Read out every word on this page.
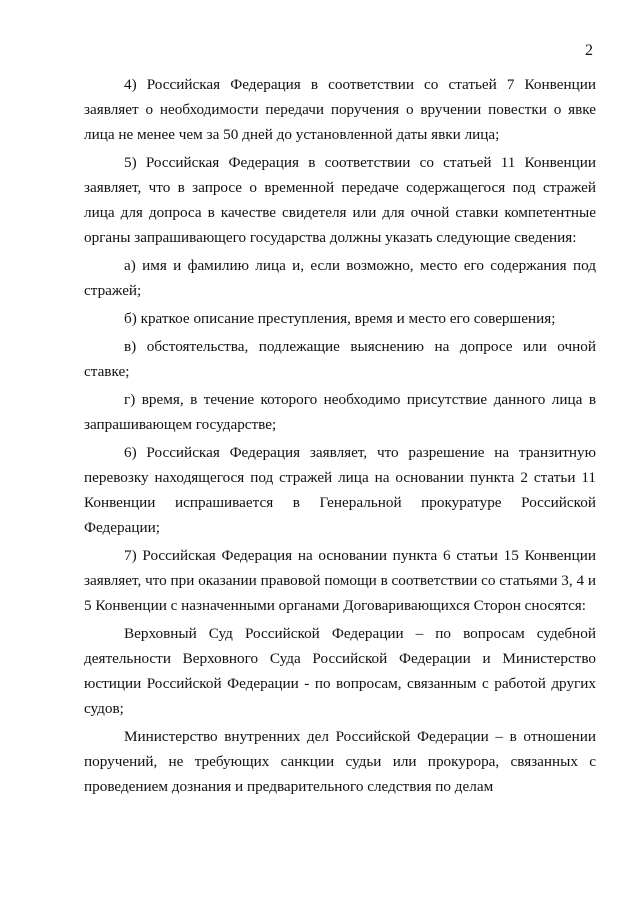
2

4) Российская Федерация в соответствии со статьей 7 Конвенции заявляет о необходимости передачи поручения о вручении повестки о явке лица не менее чем за 50 дней до установленной даты явки лица;

5) Российская Федерация в соответствии со статьей 11 Конвенции заявляет, что в запросе о временной передаче содержащегося под стражей лица для допроса в качестве свидетеля или для очной ставки компетентные органы запрашивающего государства должны указать следующие сведения:

а) имя и фамилию лица и, если возможно, место его содержания под стражей;

б) краткое описание преступления, время и место его совершения;

в) обстоятельства, подлежащие выяснению на допросе или очной ставке;

г) время, в течение которого необходимо присутствие данного лица в запрашивающем государстве;

6) Российская Федерация заявляет, что разрешение на транзитную перевозку находящегося под стражей лица на основании пункта 2 статьи 11 Конвенции испрашивается в Генеральной прокуратуре Российской Федерации;

7) Российская Федерация на основании пункта 6 статьи 15 Конвенции заявляет, что при оказании правовой помощи в соответствии со статьями 3, 4 и 5 Конвенции с назначенными органами Договаривающихся Сторон сносятся:

Верховный Суд Российской Федерации – по вопросам судебной деятельности Верховного Суда Российской Федерации и Министерство юстиции Российской Федерации - по вопросам, связанным с работой других судов;

Министерство внутренних дел Российской Федерации – в отношении поручений, не требующих санкции судьи или прокурора, связанных с проведением дознания и предварительного следствия по делам
